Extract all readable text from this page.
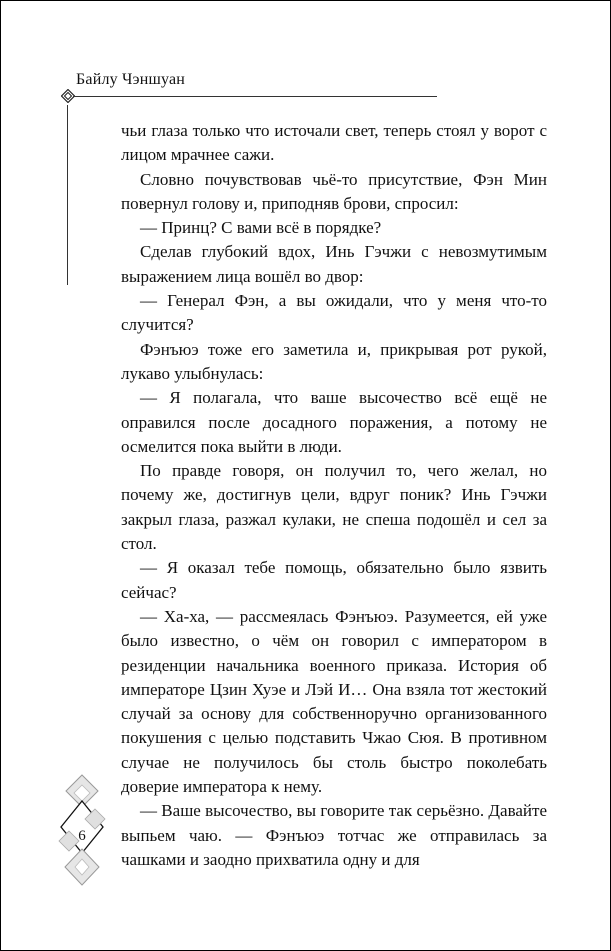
Байлу Чэншуан

чьи глаза только что источали свет, теперь стоял у ворот с лицом мрачнее сажи.

Словно почувствовав чьё-то присутствие, Фэн Мин повернул голову и, приподняв брови, спросил:

— Принц? С вами всё в порядке?

Сделав глубокий вдох, Инь Гэчжи с невозмутимым выражением лица вошёл во двор:

— Генерал Фэн, а вы ожидали, что у меня что-то случится?

Фэнъюэ тоже его заметила и, прикрывая рот рукой, лукаво улыбнулась:

— Я полагала, что ваше высочество всё ещё не оправился после досадного поражения, а потому не осмелится пока выйти в люди.

По правде говоря, он получил то, чего желал, но почему же, достигнув цели, вдруг поник? Инь Гэчжи закрыл глаза, разжал кулаки, не спеша подошёл и сел за стол.

— Я оказал тебе помощь, обязательно было язвить сейчас?

— Ха-ха, — рассмеялась Фэнъюэ. Разумеется, ей уже было известно, о чём он говорил с императором в резиденции начальника военного приказа. История об императоре Цзин Хуэе и Лэй И… Она взяла тот жестокий случай за основу для собственноручно организованного покушения с целью подставить Чжао Сюя. В противном случае не получилось бы столь быстро поколебать доверие императора к нему.

— Ваше высочество, вы говорите так серьёзно. Давайте выпьем чаю. — Фэнъюэ тотчас же отправилась за чашками и заодно прихватила одну и для

6
